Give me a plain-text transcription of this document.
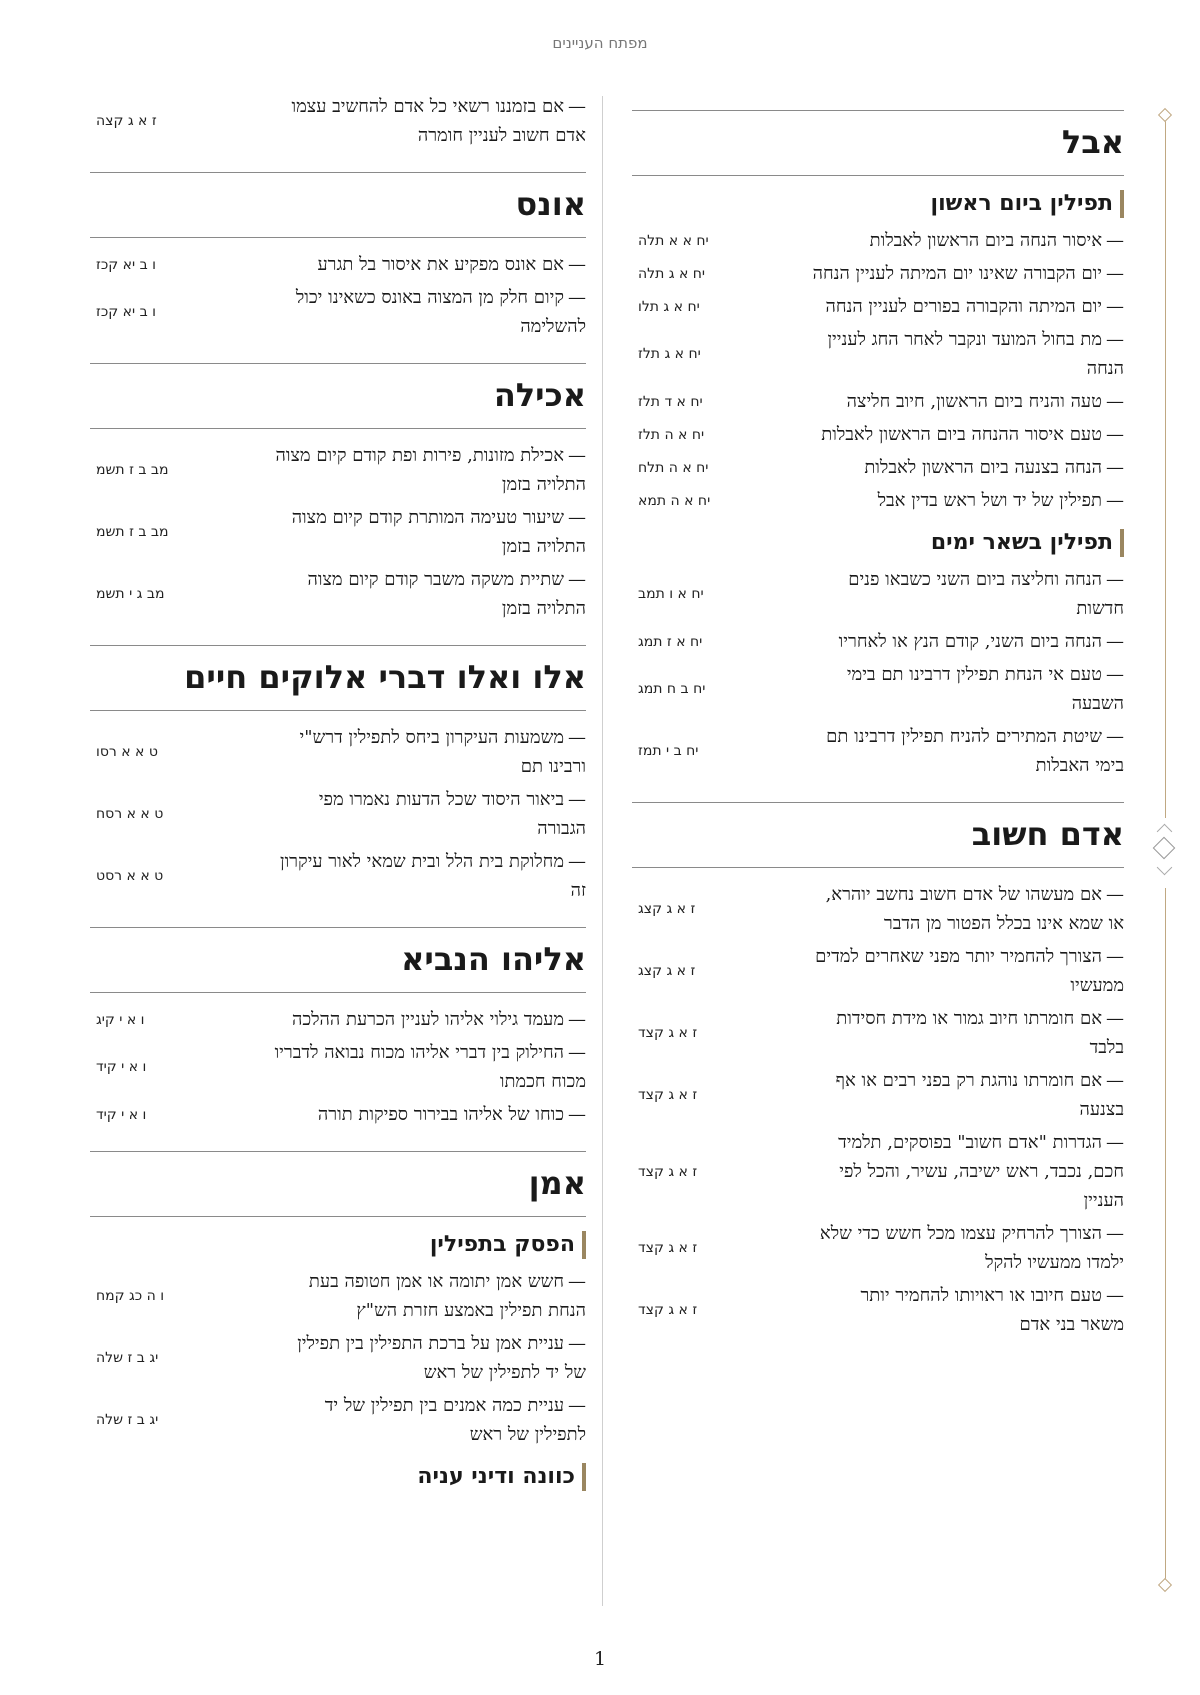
מפתח העניינים
אבל
תפילין ביום ראשון
—איסור הנחה ביום הראשון לאבלות
יח א א תלה
—יום הקבורה שאינו יום המיתה לעניין הנחה
יח א ג תלה
—יום המיתה והקבורה בפורים לעניין הנחה
יח א ג תלו
—מת בחול המועד ונקבר לאחר החג לעניין הנחה
יח א ג תלז
—טעה והניח ביום הראשון, חיוב חליצה
יח א ד תלז
—טעם איסור ההנחה ביום הראשון לאבלות
יח א ה תלז
—הנחה בצנעה ביום הראשון לאבלות
יח א ה תלח
—תפילין של יד ושל ראש בדין אבל
יח א ה תמא
תפילין בשאר ימים
—הנחה וחליצה ביום השני כשבאו פנים חדשות
יח א ו תמב
—הנחה ביום השני, קודם הנץ או לאחריו
יח א ז תמג
—טעם אי הנחת תפילין דרבינו תם בימי השבעה
יח ב ח תמג
—שיטת המתירים להניח תפילין דרבינו תם בימי האבלות
יח ב י תמז
אדם חשוב
—אם מעשהו של אדם חשוב נחשב יוהרא, או שמא אינו בכלל הפטור מן הדבר
ז א ג קצג
—הצורך להחמיר יותר מפני שאחרים למדים ממעשיו
ז א ג קצג
—אם חומרתו חיוב גמור או מידת חסידות בלבד
ז א ג קצד
—אם חומרתו נוהגת רק בפני רבים או אף בצנעה
ז א ג קצד
—הגדרות "אדם חשוב" בפוסקים, תלמיד חכם, נכבד, ראש ישיבה, עשיר, והכל לפי העניין
ז א ג קצד
—הצורך להרחיק עצמו מכל חשש כדי שלא ילמדו ממעשיו להקל
ז א ג קצד
—טעם חיובו או ראויותו להחמיר יותר משאר בני אדם
ז א ג קצד
—אם בזמננו רשאי כל אדם להחשיב עצמו אדם חשוב לעניין חומרה
ז א ג קצה
אונס
—אם אונס מפקיע את איסור בל תגרע
ו ב יא קכז
—קיום חלק מן המצוה באונס כשאינו יכול להשלימה
ו ב יא קכז
אכילה
—אכילת מזונות, פירות ופת קודם קיום מצוה התלויה בזמן
מב ב ז תשמ
—שיעור טעימה המותרת קודם קיום מצוה התלויה בזמן
מב ב ז תשמ
—שתיית משקה משבר קודם קיום מצוה התלויה בזמן
מב ג י תשמ
אלו ואלו דברי אלוקים חיים
—משמעות העיקרון ביחס לתפילין דרש"י ורבינו תם
ט א א רסו
—ביאור היסוד שכל הדעות נאמרו מפי הגבורה
ט א א רסח
—מחלוקת בית הלל ובית שמאי לאור עיקרון זה
ט א א רסט
אליהו הנביא
—מעמד גילוי אליהו לעניין הכרעת ההלכה
ו א י קיג
—החילוק בין דברי אליהו מכוח נבואה לדבריו מכוח חכמתו
ו א י קיד
—כוחו של אליהו בבירור ספיקות תורה
ו א י קיד
אמן
הפסק בתפילין
—חשש אמן יתומה או אמן חטופה בעת הנחת תפילין באמצע חזרת הש"ץ
ו ה כג קמח
—עניית אמן על ברכת התפילין בין תפילין של יד לתפילין של ראש
יג ב ז שלה
—עניית כמה אמנים בין תפילין של יד לתפילין של ראש
יג ב ז שלה
כוונה ודיני עניה
1
